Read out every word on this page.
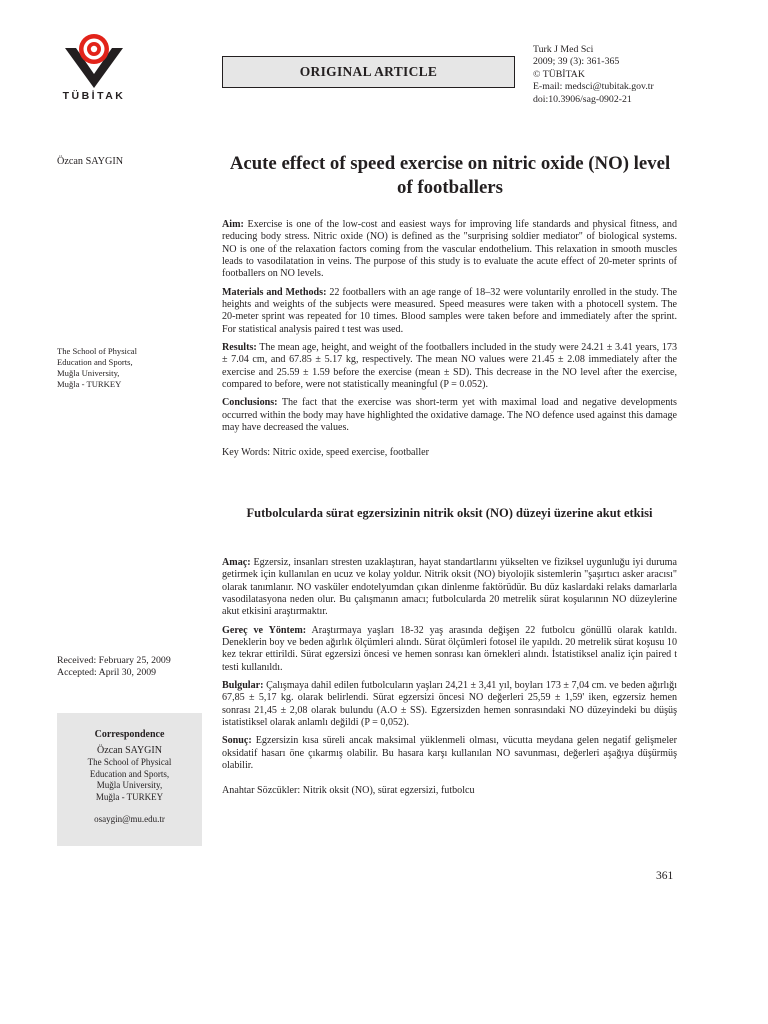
TÜBİTAK
ORIGINAL ARTICLE
Turk J Med Sci
2009; 39 (3): 361-365
© TÜBİTAK
E-mail: medsci@tubitak.gov.tr
doi:10.3906/sag-0902-21
Özcan SAYGIN	Acute effect of speed exercise on nitric oxide (NO) level of footballers

Aim: Exercise is one of the low-cost and easiest ways for improving life standards and physical fitness, and reducing body stress. Nitric oxide (NO) is defined as the "surprising soldier mediator" of biological systems. NO is one of the relaxation factors coming from the vascular endothelium. This relaxation in smooth muscles leads to vasodilatation in veins. The purpose of this study is to evaluate the acute effect of 20-meter sprints of footballers on NO levels.

Materials and Methods: 22 footballers with an age range of 18–32 were voluntarily enrolled in the study. The heights and weights of the subjects were measured. Speed measures were taken with a photocell system. The 20-meter sprint was repeated for 10 times. Blood samples were taken before and immediately after the sprint. For statistical analysis paired t test was used.

Results: The mean age, height, and weight of the footballers included in the study were 24.21 ± 3.41 years, 173 ± 7.04 cm, and 67.85 ± 5.17 kg, respectively. The mean NO values were 21.45 ± 2.08 immediately after the exercise and 25.59 ± 1.59 before the exercise (mean ± SD). This decrease in the NO level after the exercise, compared to before, were not statistically meaningful (P = 0.052).

Conclusions: The fact that the exercise was short-term yet with maximal load and negative developments occurred within the body may have highlighted the oxidative damage. The NO defence used against this damage may have decreased the values.

Key Words: Nitric oxide, speed exercise, footballer

The School of Physical
Education and Sports,
Muğla University,
Muğla - TURKEY
Futbolcularda sürat egzersizinin nitrik oksit (NO) düzeyi üzerine akut etkisi

Amaç: Egzersiz, insanları stresten uzaklaştıran, hayat standartlarını yükselten ve fiziksel uygunluğu iyi duruma getirmek için kullanılan en ucuz ve kolay yoldur. Nitrik oksit (NO) biyolojik sistemlerin "şaşırtıcı asker aracısı" olarak tanımlanır. NO vasküler endotelyumdan çıkan dinlenme faktörüdür. Bu düz kaslardaki relaks damarlarla vasodilatasyona neden olur. Bu çalışmanın amacı; futbolcularda 20 metrelik sürat koşularının NO düzeylerine akut etkisini araştırmaktır.

Gereç ve Yöntem: Araştırmaya yaşları 18-32 yaş arasında değişen 22 futbolcu gönüllü olarak katıldı. Deneklerin boy ve beden ağırlık ölçümleri alındı. Sürat ölçümleri fotosel ile yapıldı. 20 metrelik sürat koşusu 10 kez tekrar ettirildi. Sürat egzersizi öncesi ve hemen sonrası kan örnekleri alındı. İstatistiksel analiz için paired t testi kullanıldı.

Bulgular: Çalışmaya dahil edilen futbolcuların yaşları 24,21 ± 3,41 yıl, boyları 173 ± 7,04 cm. ve beden ağırlığı 67,85 ± 5,17 kg. olarak belirlendi. Sürat egzersizi öncesi NO değerleri 25,59 ± 1,59' iken, egzersiz hemen sonrası 21,45 ± 2,08 olarak bulundu (A.O ± SS). Egzersizden hemen sonrasındaki NO düzeyindeki bu düşüş istatistiksel olarak anlamlı değildi (P = 0,052).

Sonuç: Egzersizin kısa süreli ancak maksimal yüklenmeli olması, vücutta meydana gelen negatif gelişmeler oksidatif hasarı öne çıkarmış olabilir. Bu hasara karşı kullanılan NO savunması, değerleri aşağıya düşürmüş olabilir.

Anahtar Sözcükler: Nitrik oksit (NO), sürat egzersizi, futbolcu

Received: February 25, 2009
Accepted: April 30, 2009
Correspondence
Özcan SAYGIN
The School of Physical
Education and Sports,
Muğla University,
Muğla - TURKEY
osaygin@mu.edu.tr
361
